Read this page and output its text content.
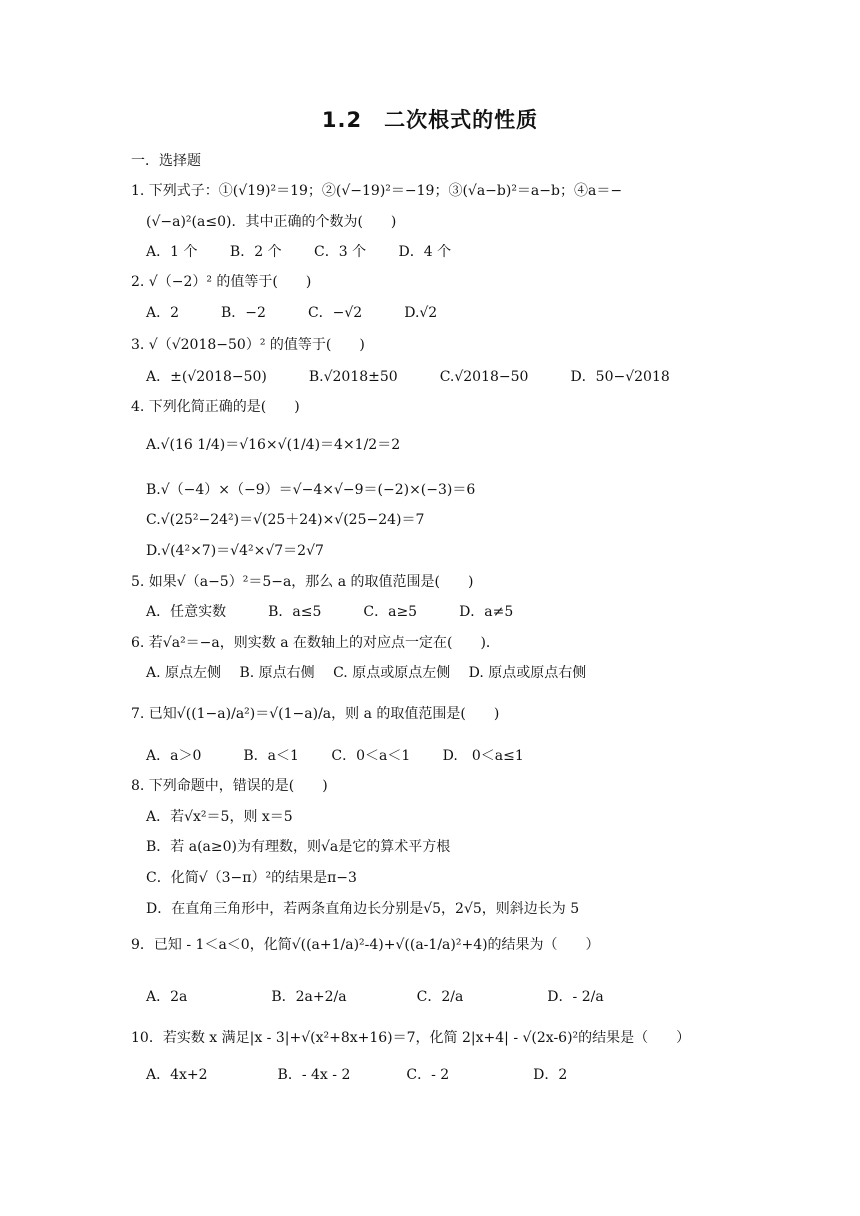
1.2　二次根式的性质
一．选择题
1. 下列式子：①(√19)²＝19；②(√−19)²＝−19；③(√a−b)²＝a−b；④a＝−
(√−a)²(a≤0)．其中正确的个数为(　　)
A．1 个　　 B．2 个　　 C．3 个　　 D．4 个
2. √（−2）² 的值等于(　　)
A．2　　　B．−2　　　C．−√2　　　D.√2
3. √（√2018−50）² 的值等于(　　)
A．±(√2018−50)　　　B.√2018±50　　　C.√2018−50　　　D．50−√2018
4. 下列化简正确的是(　　)
A.√(16 1/4)＝√16×√(1/4)＝4×1/2＝2
B.√（−4）×（−9）＝√−4×√−9＝(−2)×(−3)＝6
C.√(25²−24²)＝√(25＋24)×√(25−24)＝7
D.√(4²×7)＝√4²×√7＝2√7
5. 如果√（a−5）²＝5−a，那么 a 的取值范围是(　　)
A．任意实数　　　B．a≤5　　　C．a≥5　　　D．a≠5
6. 若√a²＝−a，则实数 a 在数轴上的对应点一定在(　　)．
A. 原点左侧　 B. 原点右侧　 C. 原点或原点左侧　 D. 原点或原点右侧
7. 已知√((1−a)/a²)＝√(1−a)/a，则 a 的取值范围是(　　)
A．a＞0　　　B．a＜1　　 C．0＜a＜1　　 D.　0＜a≤1
8. 下列命题中，错误的是(　　)
A．若√x²＝5，则 x＝5
B．若 a(a≥0)为有理数，则√a是它的算术平方根
C．化简√（3−π）²的结果是π−3
D．在直角三角形中，若两条直角边长分别是√5，2√5，则斜边长为 5
9．已知 - 1＜a＜0，化简√((a+1/a)²-4)+√((a-1/a)²+4)的结果为（　　）
A．2a　　　　　　B．2a+2/a　　　　　C．2/a　　　　　　D．- 2/a
10．若实数 x 满足|x - 3|+√(x²+8x+16)＝7，化简 2|x+4| - √(2x-6)²的结果是（　　）
A．4x+2　　　　　B．- 4x - 2　　　　C．- 2　　　　　　D．2
